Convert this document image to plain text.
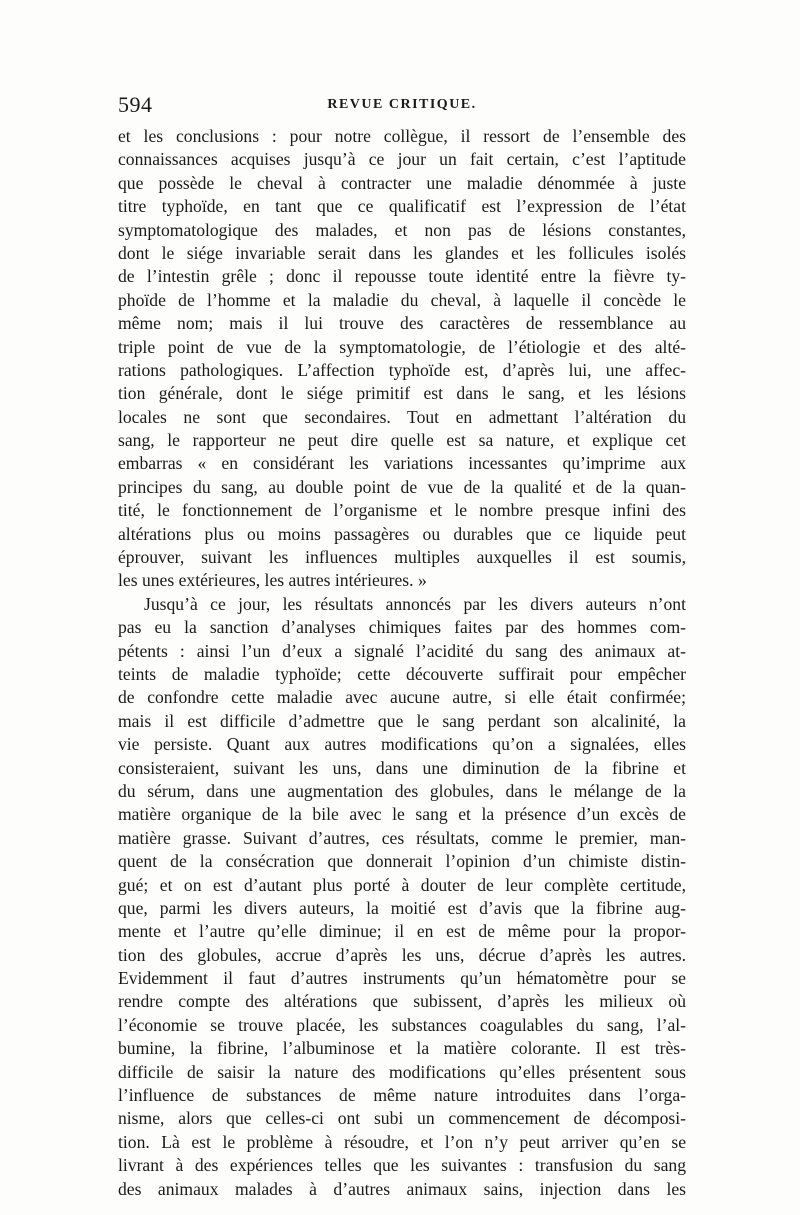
594	REVUE CRITIQUE.
et les conclusions : pour notre collègue, il ressort de l’ensemble des
connaissances acquises jusqu’à ce jour un fait certain, c’est l’aptitude
que possède le cheval à contracter une maladie dénommée à juste
titre typhoïde, en tant que ce qualificatif est l’expression de l’état
symptomatologique des malades, et non pas de lésions constantes,
dont le siége invariable serait dans les glandes et les follicules isolés
de l’intestin grêle ; donc il repousse toute identité entre la fièvre ty-
phoïde de l’homme et la maladie du cheval, à laquelle il concède le
même nom; mais il lui trouve des caractères de ressemblance au
triple point de vue de la symptomatologie, de l’étiologie et des alté-
rations pathologiques. L’affection typhoïde est, d’après lui, une affec-
tion générale, dont le siége primitif est dans le sang, et les lésions
locales ne sont que secondaires. Tout en admettant l’altération du
sang, le rapporteur ne peut dire quelle est sa nature, et explique cet
embarras « en considérant les variations incessantes qu’imprime aux
principes du sang, au double point de vue de la qualité et de la quan-
tité, le fonctionnement de l’organisme et le nombre presque infini des
altérations plus ou moins passagères ou durables que ce liquide peut
éprouver, suivant les influences multiples auxquelles il est soumis,
les unes extérieures, les autres intérieures. »
Jusqu’à ce jour, les résultats annoncés par les divers auteurs n’ont
pas eu la sanction d’analyses chimiques faites par des hommes com-
pétents : ainsi l’un d’eux a signalé l’acidité du sang des animaux at-
teints de maladie typhoïde; cette découverte suffirait pour empêcher
de confondre cette maladie avec aucune autre, si elle était confirmée;
mais il est difficile d’admettre que le sang perdant son alcalinité, la
vie persiste. Quant aux autres modifications qu’on a signalées, elles
consisteraient, suivant les uns, dans une diminution de la fibrine et
du sérum, dans une augmentation des globules, dans le mélange de la
matière organique de la bile avec le sang et la présence d’un excès de
matière grasse. Suivant d’autres, ces résultats, comme le premier, man-
quent de la consécration que donnerait l’opinion d’un chimiste distin-
gué; et on est d’autant plus porté à douter de leur complète certitude,
que, parmi les divers auteurs, la moitié est d’avis que la fibrine aug-
mente et l’autre qu’elle diminue; il en est de même pour la propor-
tion des globules, accrue d’après les uns, décrue d’après les autres.
Evidemment il faut d’autres instruments qu’un hématomètre pour se
rendre compte des altérations que subissent, d’après les milieux où
l’économie se trouve placée, les substances coagulables du sang, l’al-
bumine, la fibrine, l’albuminose et la matière colorante. Il est très-
difficile de saisir la nature des modifications qu’elles présentent sous
l’influence de substances de même nature introduites dans l’orga-
nisme, alors que celles-ci ont subi un commencement de décomposi-
tion. Là est le problème à résoudre, et l’on n’y peut arriver qu’en se
livrant à des expériences telles que les suivantes : transfusion du sang
des animaux malades à d’autres animaux sains, injection dans les
